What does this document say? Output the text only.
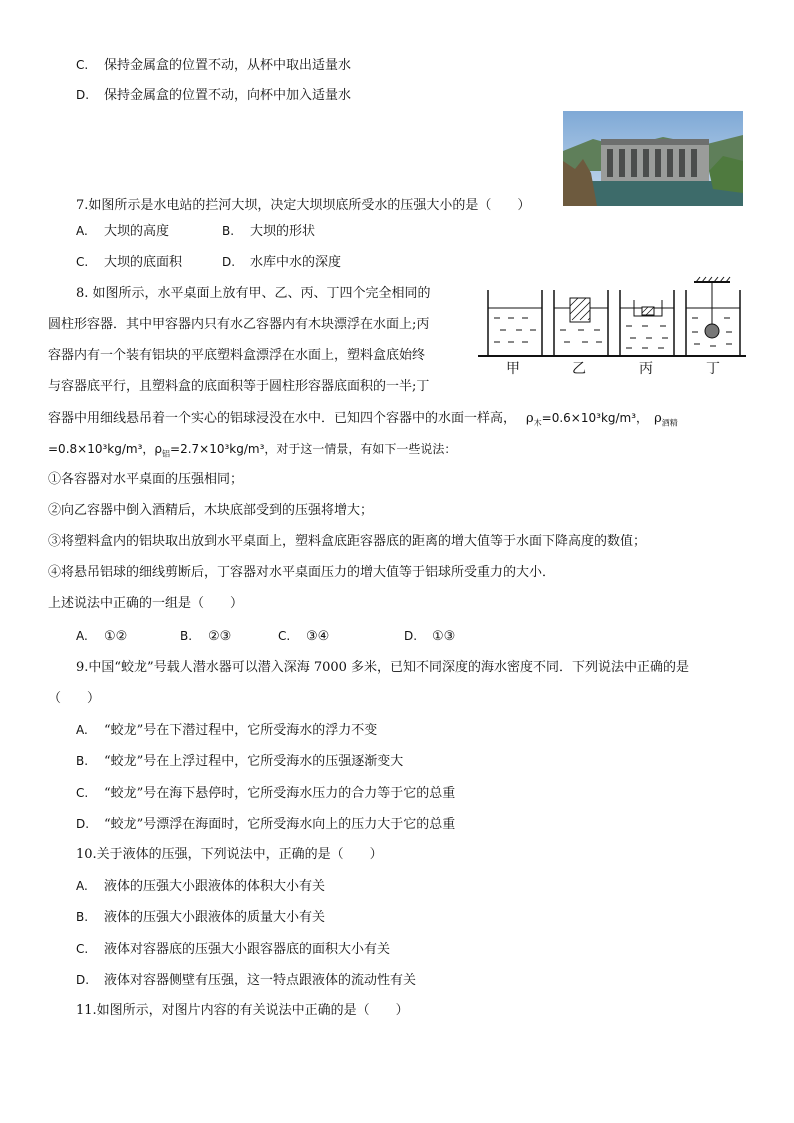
C. 保持金属盒的位置不动，从杯中取出适量水
D. 保持金属盒的位置不动，向杯中加入适量水
7.如图所示是水电站的拦河大坝，决定大坝坝底所受水的压强大小的是（　　）
A. 大坝的高度	B. 大坝的形状
C. 大坝的底面积	D. 水库中水的深度
8. 如图所示，水平桌面上放有甲、乙、丙、丁四个完全相同的
圆柱形容器．其中甲容器内只有水乙容器内有木块漂浮在水面上;丙
容器内有一个装有铝块的平底塑料盒漂浮在水面上，塑料盒底始终
与容器底平行，且塑料盒的底面积等于圆柱形容器底面积的一半;丁
容器中用细线悬吊着一个实心的铝球浸没在水中．已知四个容器中的水面一样高， $\rho_木=0.6\times 10^3kg/m^3$， $\rho_{酒精}$
=0.8×10³kg/m³，$\rho_铝=2.7\times 10^3kg/m^3$，对于这一情景，有如下一些说法：
甲	乙	丙	丁
①各容器对水平桌面的压强相同；
②向乙容器中倒入酒精后，木块底部受到的压强将增大；
③将塑料盒内的铝块取出放到水平桌面上，塑料盒底距容器底的距离的增大值等于水面下降高度的数值；
④将悬吊铝球的细线剪断后，丁容器对水平桌面压力的增大值等于铝球所受重力的大小．
上述说法中正确的一组是（　　）
A. ①②	B. ②③	C. ③④	D. ①③
9.中国“蛟龙”号载人潜水器可以潜入深海 7000 多米，已知不同深度的海水密度不同．下列说法中正确的是
（　　）
A. “蛟龙”号在下潜过程中，它所受海水的浮力不变
B. “蛟龙”号在上浮过程中，它所受海水的压强逐渐变大
C. “蛟龙”号在海下悬停时，它所受海水压力的合力等于它的总重
D. “蛟龙”号漂浮在海面时，它所受海水向上的压力大于它的总重
10.关于液体的压强，下列说法中，正确的是（　　）
A. 液体的压强大小跟液体的体积大小有关
B. 液体的压强大小跟液体的质量大小有关
C. 液体对容器底的压强大小跟容器底的面积大小有关
D. 液体对容器侧壁有压强，这一特点跟液体的流动性有关
11.如图所示，对图片内容的有关说法中正确的是（　　）
